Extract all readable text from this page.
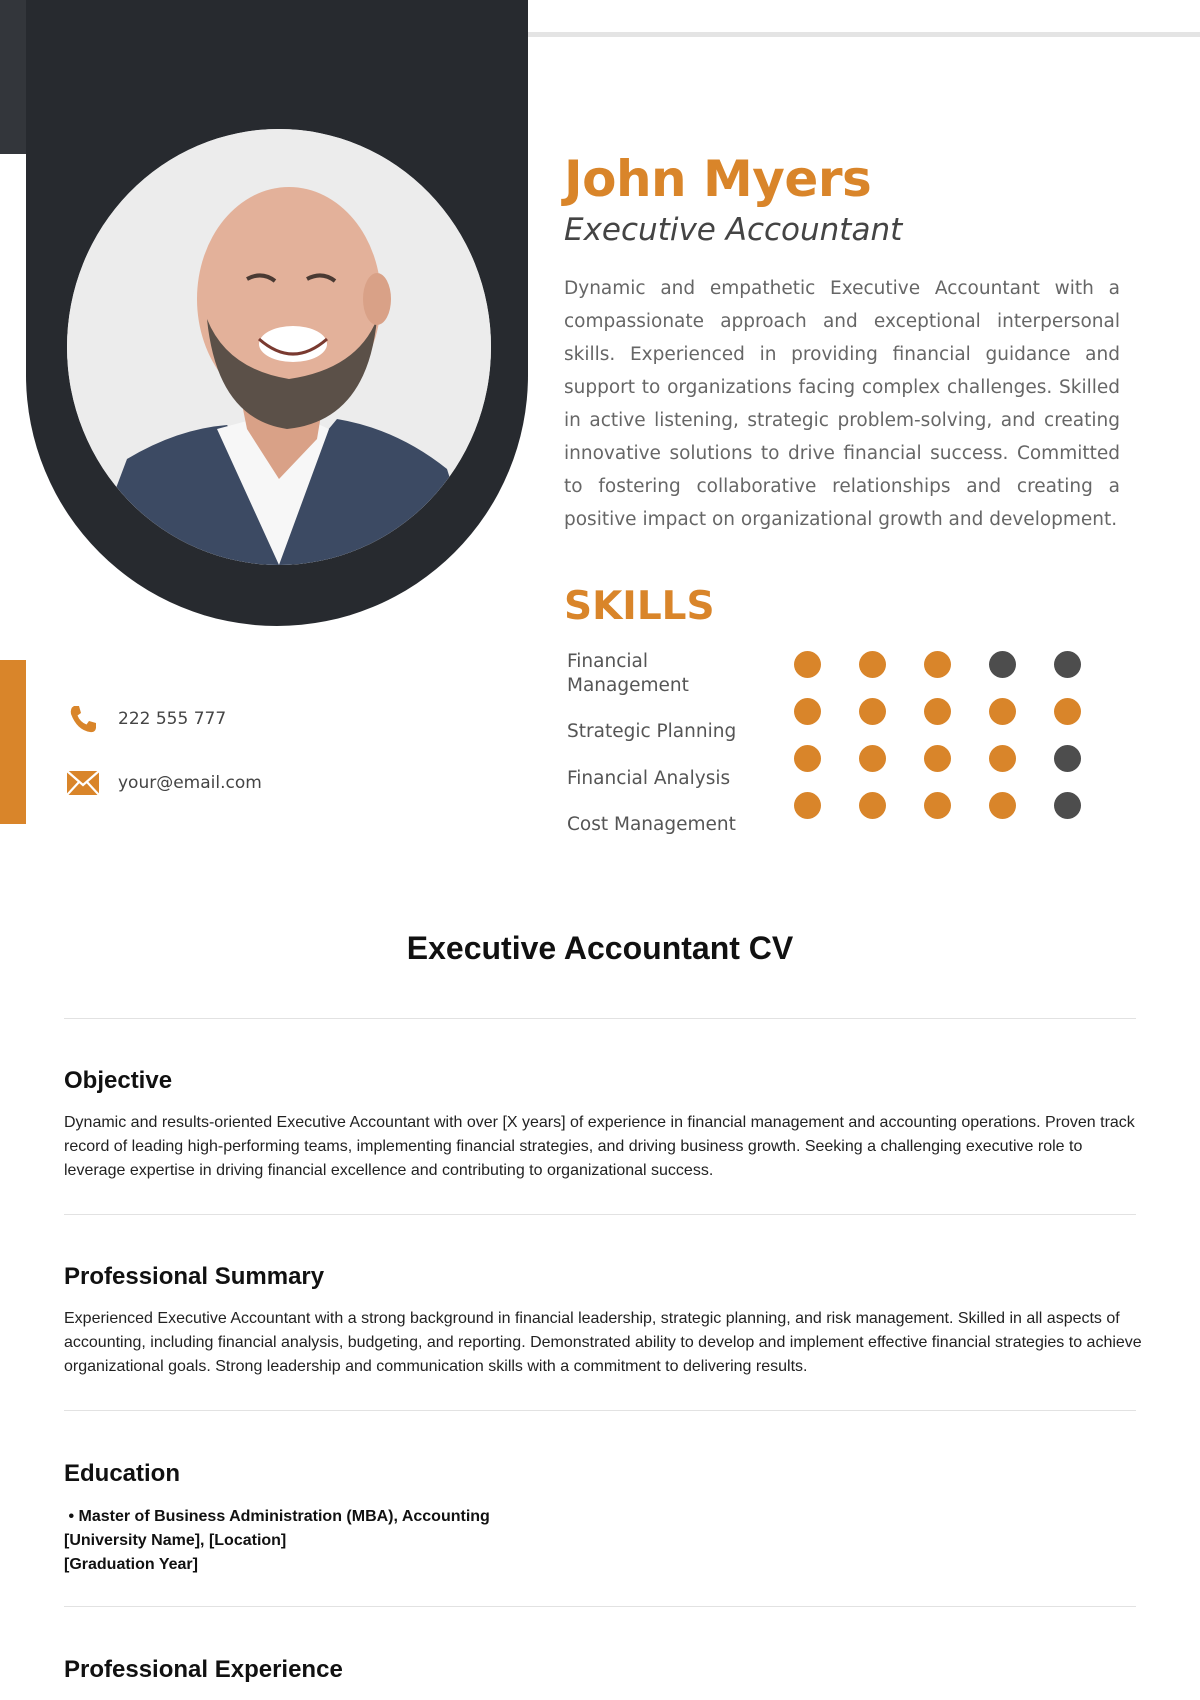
222 555 777
your@email.com
John Myers
Executive Accountant
Dynamic and empathetic Executive Accountant with a compassionate approach and exceptional interpersonal skills. Experienced in providing financial guidance and support to organizations facing complex challenges. Skilled in active listening, strategic problem-solving, and creating innovative solutions to drive financial success. Committed to fostering collaborative relationships and creating a positive impact on organizational growth and development.
SKILLS
Financial Management
Strategic Planning
Financial Analysis
Cost Management
Executive Accountant CV
Objective
Dynamic and results-oriented Executive Accountant with over [X years] of experience in financial management and accounting operations. Proven track record of leading high-performing teams, implementing financial strategies, and driving business growth. Seeking a challenging executive role to leverage expertise in driving financial excellence and contributing to organizational success.
Professional Summary
Experienced Executive Accountant with a strong background in financial leadership, strategic planning, and risk management. Skilled in all aspects of accounting, including financial analysis, budgeting, and reporting. Demonstrated ability to develop and implement effective financial strategies to achieve organizational goals. Strong leadership and communication skills with a commitment to delivering results.
Education
• Master of Business Administration (MBA), Accounting
[University Name], [Location]
[Graduation Year]
Professional Experience
